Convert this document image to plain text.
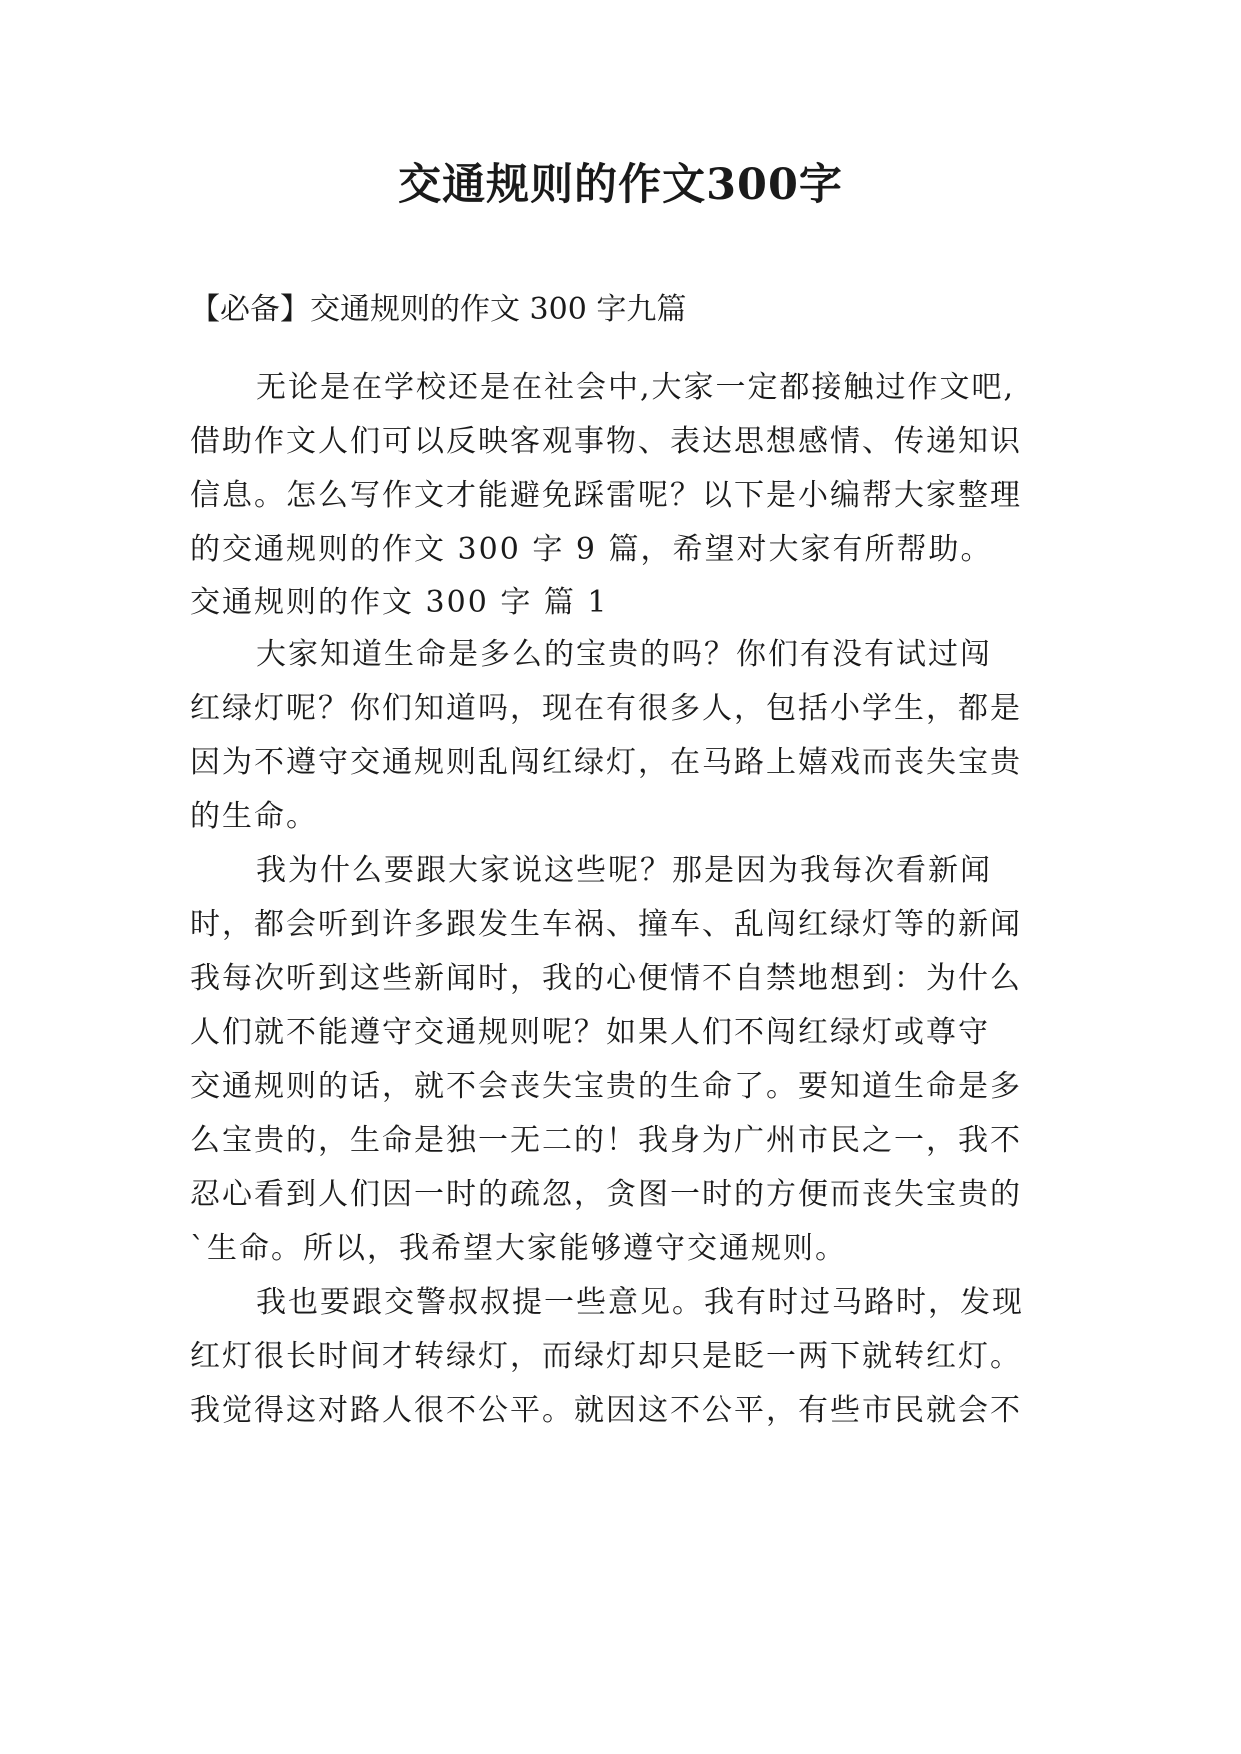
交通规则的作文300字
【必备】交通规则的作文 300 字九篇
无论是在学校还是在社会中,大家一定都接触过作文吧,
借助作文人们可以反映客观事物、表达思想感情、传递知识
信息。怎么写作文才能避免踩雷呢？以下是小编帮大家整理
的交通规则的作文 300 字 9 篇，希望对大家有所帮助。
交通规则的作文 300 字 篇 1
大家知道生命是多么的宝贵的吗？你们有没有试过闯
红绿灯呢？你们知道吗，现在有很多人，包括小学生，都是
因为不遵守交通规则乱闯红绿灯，在马路上嬉戏而丧失宝贵
的生命。
我为什么要跟大家说这些呢？那是因为我每次看新闻
时，都会听到许多跟发生车祸、撞车、乱闯红绿灯等的新闻
我每次听到这些新闻时，我的心便情不自禁地想到：为什么
人们就不能遵守交通规则呢？如果人们不闯红绿灯或尊守
交通规则的话，就不会丧失宝贵的生命了。要知道生命是多
么宝贵的，生命是独一无二的！我身为广州市民之一，我不
忍心看到人们因一时的疏忽，贪图一时的方便而丧失宝贵的
`生命。所以，我希望大家能够遵守交通规则。
我也要跟交警叔叔提一些意见。我有时过马路时，发现
红灯很长时间才转绿灯，而绿灯却只是眨一两下就转红灯。
我觉得这对路人很不公平。就因这不公平，有些市民就会不
